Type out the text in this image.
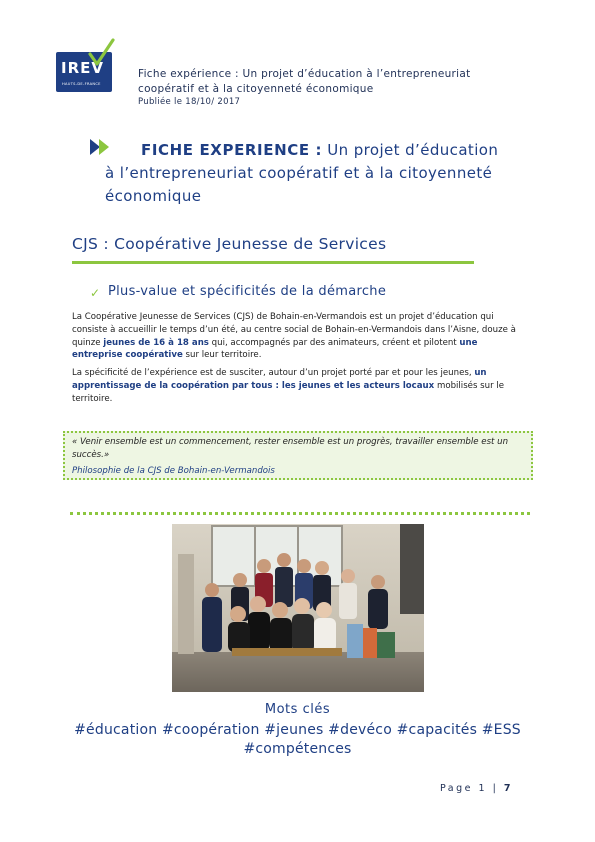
IREV
HAUTS-DE-FRANCE
Fiche expérience : Un projet d’éducation à l’entrepreneuriat
coopératif et à la citoyenneté économique
Publiée le 18/10/ 2017
FICHE EXPERIENCE : Un projet d’éducation à l’entrepreneuriat coopératif et à la citoyenneté économique
CJS : Coopérative Jeunesse de Services
✓ Plus-value et spécificités de la démarche
La Coopérative Jeunesse de Services (CJS) de Bohain-en-Vermandois est un projet d’éducation qui consiste à accueillir le temps d’un été, au centre social de Bohain-en-Vermandois dans l’Aisne, douze à quinze jeunes de 16 à 18 ans qui, accompagnés par des animateurs, créent et pilotent une entreprise coopérative sur leur territoire.
La spécificité de l’expérience est de susciter, autour d’un projet porté par et pour les jeunes, un apprentissage de la coopération par tous : les jeunes et les acteurs locaux mobilisés sur le territoire.
« Venir ensemble est un commencement, rester ensemble est un progrès, travailler ensemble est un succès.»
Philosophie de la CJS de Bohain-en-Vermandois
Mots clés
#éducation #coopération #jeunes #devéco #capacités #ESS
#compétences
Page 1 | 7
